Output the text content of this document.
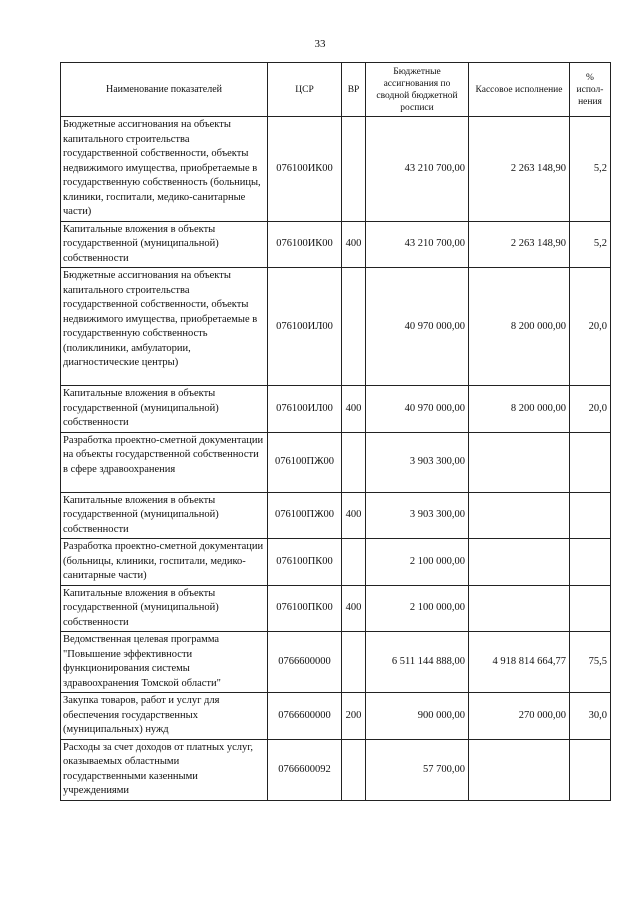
33
Наименование показателей	ЦСР	ВР	Бюджетные ассигнования по сводной бюджетной росписи	Кассовое исполнение	% испол-нения
Бюджетные ассигнования на объекты капитального строительства государственной собственности, объекты недвижимого имущества, приобретаемые в государственную собственность (больницы, клиники, госпитали, медико-санитарные части)	076100ИК00		43 210 700,00	2 263 148,90	5,2
Капитальные вложения в объекты государственной (муниципальной) собственности	076100ИК00	400	43 210 700,00	2 263 148,90	5,2
Бюджетные ассигнования на объекты капитального строительства государственной собственности, объекты недвижимого имущества, приобретаемые в государственную собственность (поликлиники, амбулатории, диагностические центры)	076100ИЛ00		40 970 000,00	8 200 000,00	20,0
Капитальные вложения в объекты государственной (муниципальной) собственности	076100ИЛ00	400	40 970 000,00	8 200 000,00	20,0
Разработка проектно-сметной документации на объекты государственной собственности в сфере здравоохранения	076100ПЖ00		3 903 300,00		
Капитальные вложения в объекты государственной (муниципальной) собственности	076100ПЖ00	400	3 903 300,00		
Разработка проектно-сметной документации (больницы, клиники, госпитали, медико-санитарные части)	076100ПК00		2 100 000,00		
Капитальные вложения в объекты государственной (муниципальной) собственности	076100ПК00	400	2 100 000,00		
Ведомственная целевая программа "Повышение эффективности функционирования системы здравоохранения Томской области"	0766600000		6 511 144 888,00	4 918 814 664,77	75,5
Закупка товаров, работ и услуг для обеспечения государственных (муниципальных) нужд	0766600000	200	900 000,00	270 000,00	30,0
Расходы за счет доходов от платных услуг, оказываемых областными государственными казенными учреждениями	0766600092		57 700,00		
